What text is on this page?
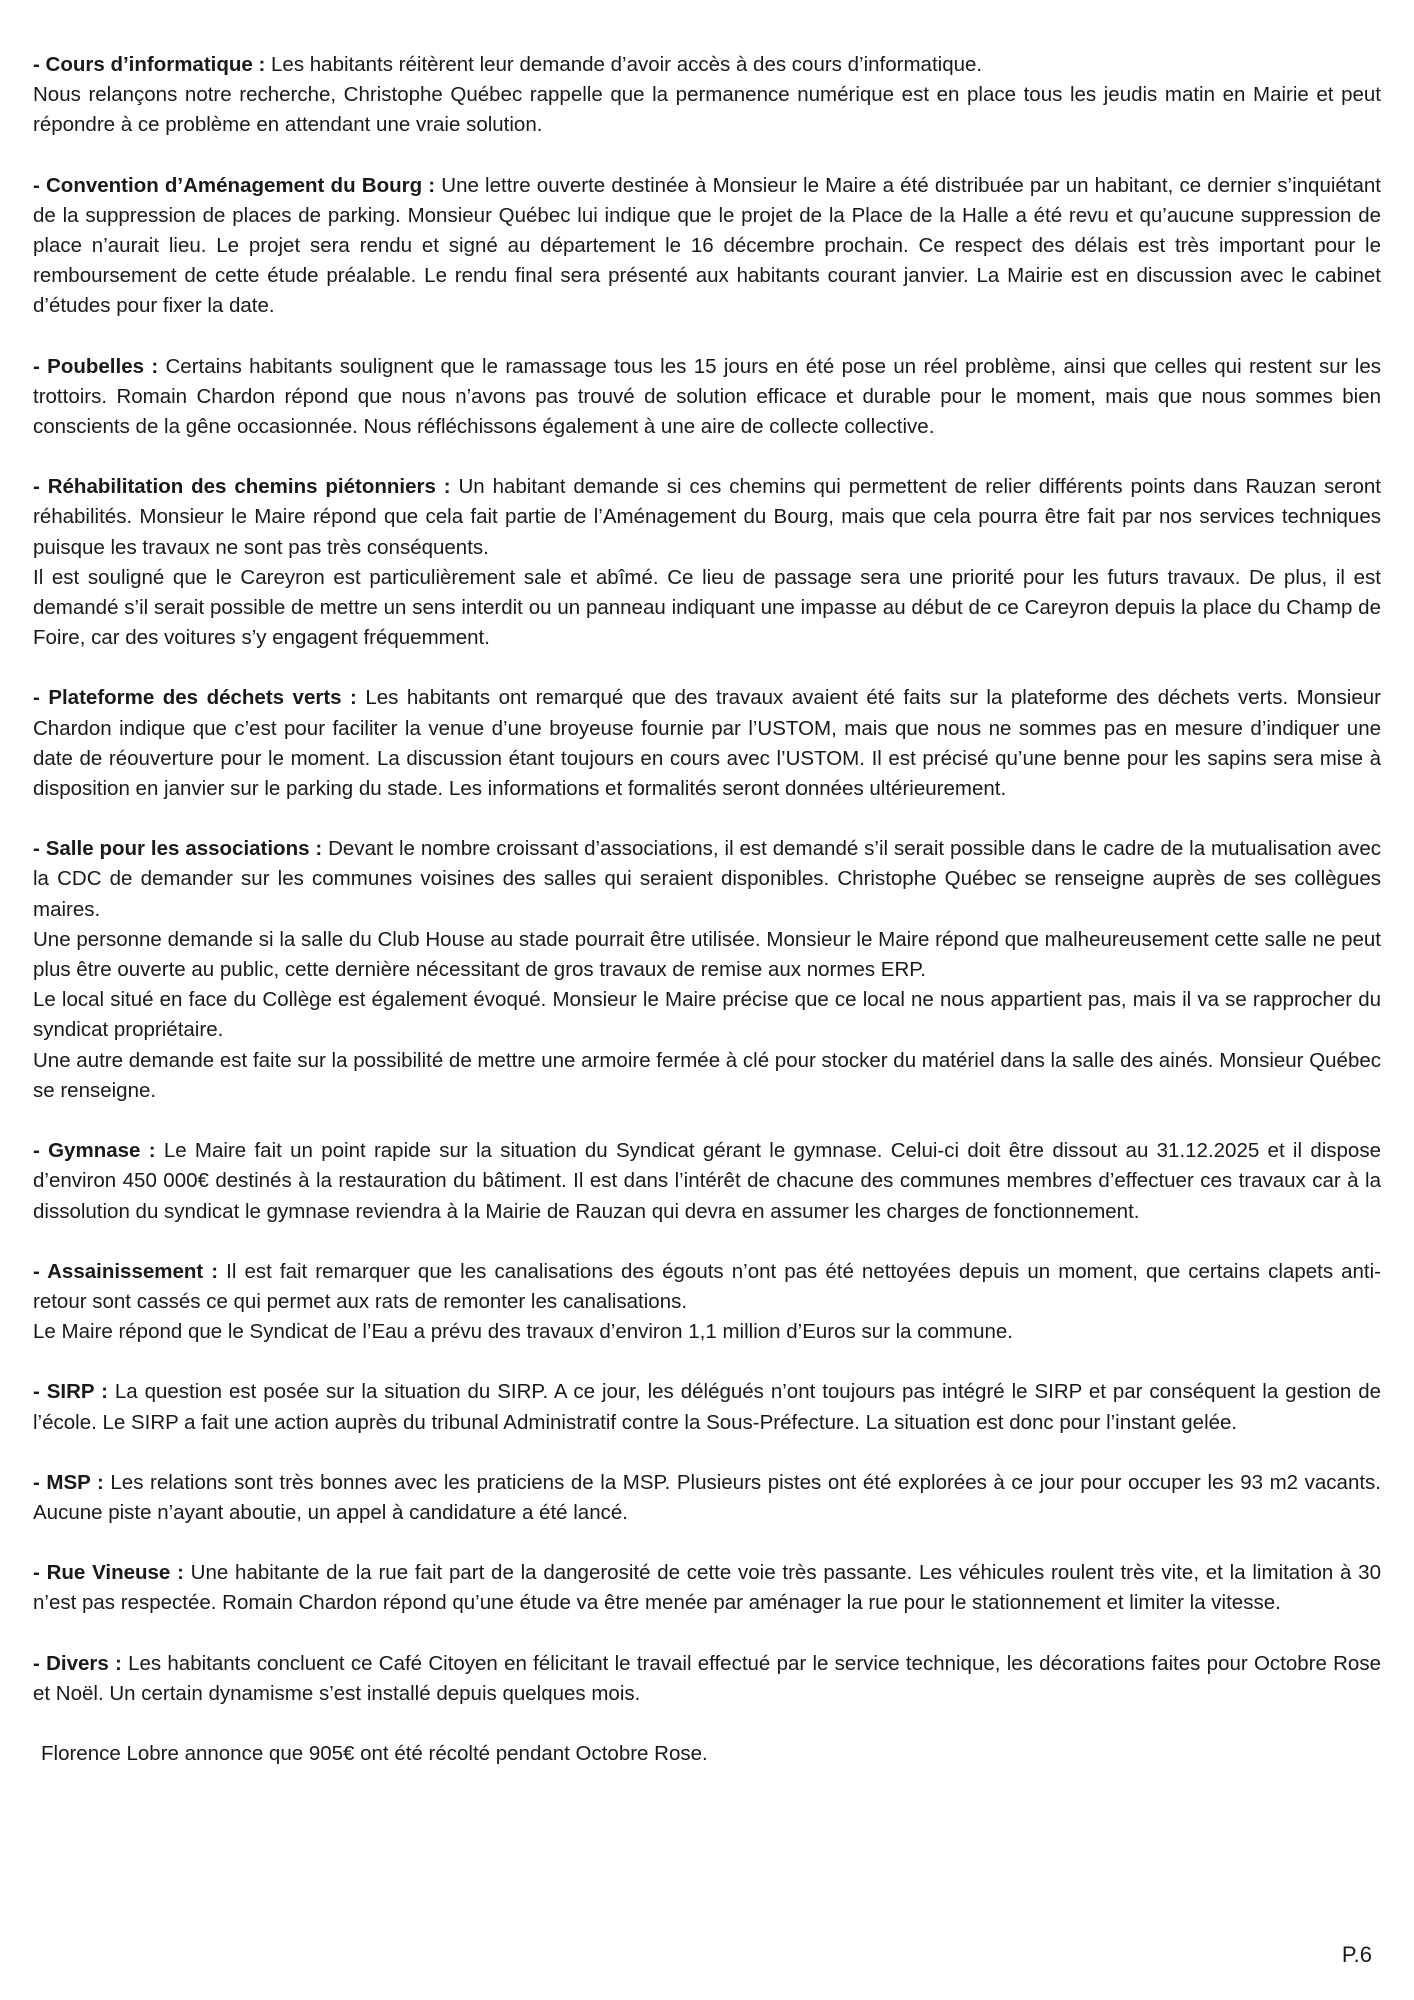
- Cours d’informatique : Les habitants réitèrent leur demande d’avoir accès à des cours d’informatique.

Nous relançons notre recherche, Christophe Québec rappelle que la permanence numérique est en place tous les jeudis matin en Mairie et peut répondre à ce problème en attendant une vraie solution.

- Convention d’Aménagement du Bourg : Une lettre ouverte destinée à Monsieur le Maire a été distribuée par un habitant, ce dernier s’inquiétant de la suppression de places de parking. Monsieur Québec lui indique que le projet de la Place de la Halle a été revu et qu’aucune suppression de place n’aurait lieu. Le projet sera rendu et signé au département le 16 décembre prochain. Ce respect des délais est très important pour le remboursement de cette étude préalable. Le rendu final sera présenté aux habitants courant janvier. La Mairie est en discussion avec le cabinet d’études pour fixer la date.

- Poubelles : Certains habitants soulignent que le ramassage tous les 15 jours en été pose un réel problème, ainsi que celles qui restent sur les trottoirs. Romain Chardon répond que nous n’avons pas trouvé de solution efficace et durable pour le moment, mais que nous sommes bien conscients de la gêne occasionnée. Nous réfléchissons également à une aire de collecte collective.

- Réhabilitation des chemins piétonniers : Un habitant demande si ces chemins qui permettent de relier différents points dans Rauzan seront réhabilités. Monsieur le Maire répond que cela fait partie de l’Aménagement du Bourg, mais que cela pourra être fait par nos services techniques puisque les travaux ne sont pas très conséquents.

Il est souligné que le Careyron est particulièrement sale et abîmé. Ce lieu de passage sera une priorité pour les futurs travaux. De plus, il est demandé s’il serait possible de mettre un sens interdit ou un panneau indiquant une impasse au début de ce Careyron depuis la place du Champ de Foire, car des voitures s’y engagent fréquemment.

- Plateforme des déchets verts : Les habitants ont remarqué que des travaux avaient été faits sur la plateforme des déchets verts. Monsieur Chardon indique que c’est pour faciliter la venue d’une broyeuse fournie par l’USTOM, mais que nous ne sommes pas en mesure d’indiquer une date de réouverture pour le moment. La discussion étant toujours en cours avec l’USTOM. Il est précisé qu’une benne pour les sapins sera mise à disposition en janvier sur le parking du stade. Les informations et formalités seront données ultérieurement.

- Salle pour les associations : Devant le nombre croissant d’associations, il est demandé s’il serait possible dans le cadre de la mutualisation avec la CDC de demander sur les communes voisines des salles qui seraient disponibles. Christophe Québec se renseigne auprès de ses collègues maires.

Une personne demande si la salle du Club House au stade pourrait être utilisée. Monsieur le Maire répond que malheureusement cette salle ne peut plus être ouverte au public, cette dernière nécessitant de gros travaux de remise aux normes ERP.

Le local situé en face du Collège est également évoqué. Monsieur le Maire précise que ce local ne nous appartient pas, mais il va se rapprocher du syndicat propriétaire.

Une autre demande est faite sur la possibilité de mettre une armoire fermée à clé pour stocker du matériel dans la salle des ainés. Monsieur Québec se renseigne.

- Gymnase : Le Maire fait un point rapide sur la situation du Syndicat gérant le gymnase. Celui-ci doit être dissout au 31.12.2025 et il dispose d’environ 450 000€ destinés à la restauration du bâtiment. Il est dans l’intérêt de chacune des communes membres d’effectuer ces travaux car à la dissolution du syndicat le gymnase reviendra à la Mairie de Rauzan qui devra en assumer les charges de fonctionnement.

- Assainissement : Il est fait remarquer que les canalisations des égouts n’ont pas été nettoyées depuis un moment, que certains clapets anti-retour sont cassés ce qui permet aux rats de remonter les canalisations.

Le Maire répond que le Syndicat de l’Eau a prévu des travaux d’environ 1,1 million d’Euros sur la commune.

- SIRP : La question est posée sur la situation du SIRP. A ce jour, les délégués n’ont toujours pas intégré le SIRP et par conséquent la gestion de l’école. Le SIRP a fait une action auprès du tribunal Administratif contre la Sous-Préfecture. La situation est donc pour l’instant gelée.

- MSP : Les relations sont très bonnes avec les praticiens de la MSP. Plusieurs pistes ont été explorées à ce jour pour occuper les 93 m2 vacants. Aucune piste n’ayant aboutie, un appel à candidature a été lancé.

- Rue Vineuse : Une habitante de la rue fait part de la dangerosité de cette voie très passante. Les véhicules roulent très vite, et la limitation à 30 n’est pas respectée. Romain Chardon répond qu’une étude va être menée par aménager la rue pour le stationnement et limiter la vitesse.

- Divers : Les habitants concluent ce Café Citoyen en félicitant le travail effectué par le service technique, les décorations faites pour Octobre Rose et Noël. Un certain dynamisme s’est installé depuis quelques mois.

Florence Lobre annonce que 905€ ont été récolté pendant Octobre Rose.

P.6
